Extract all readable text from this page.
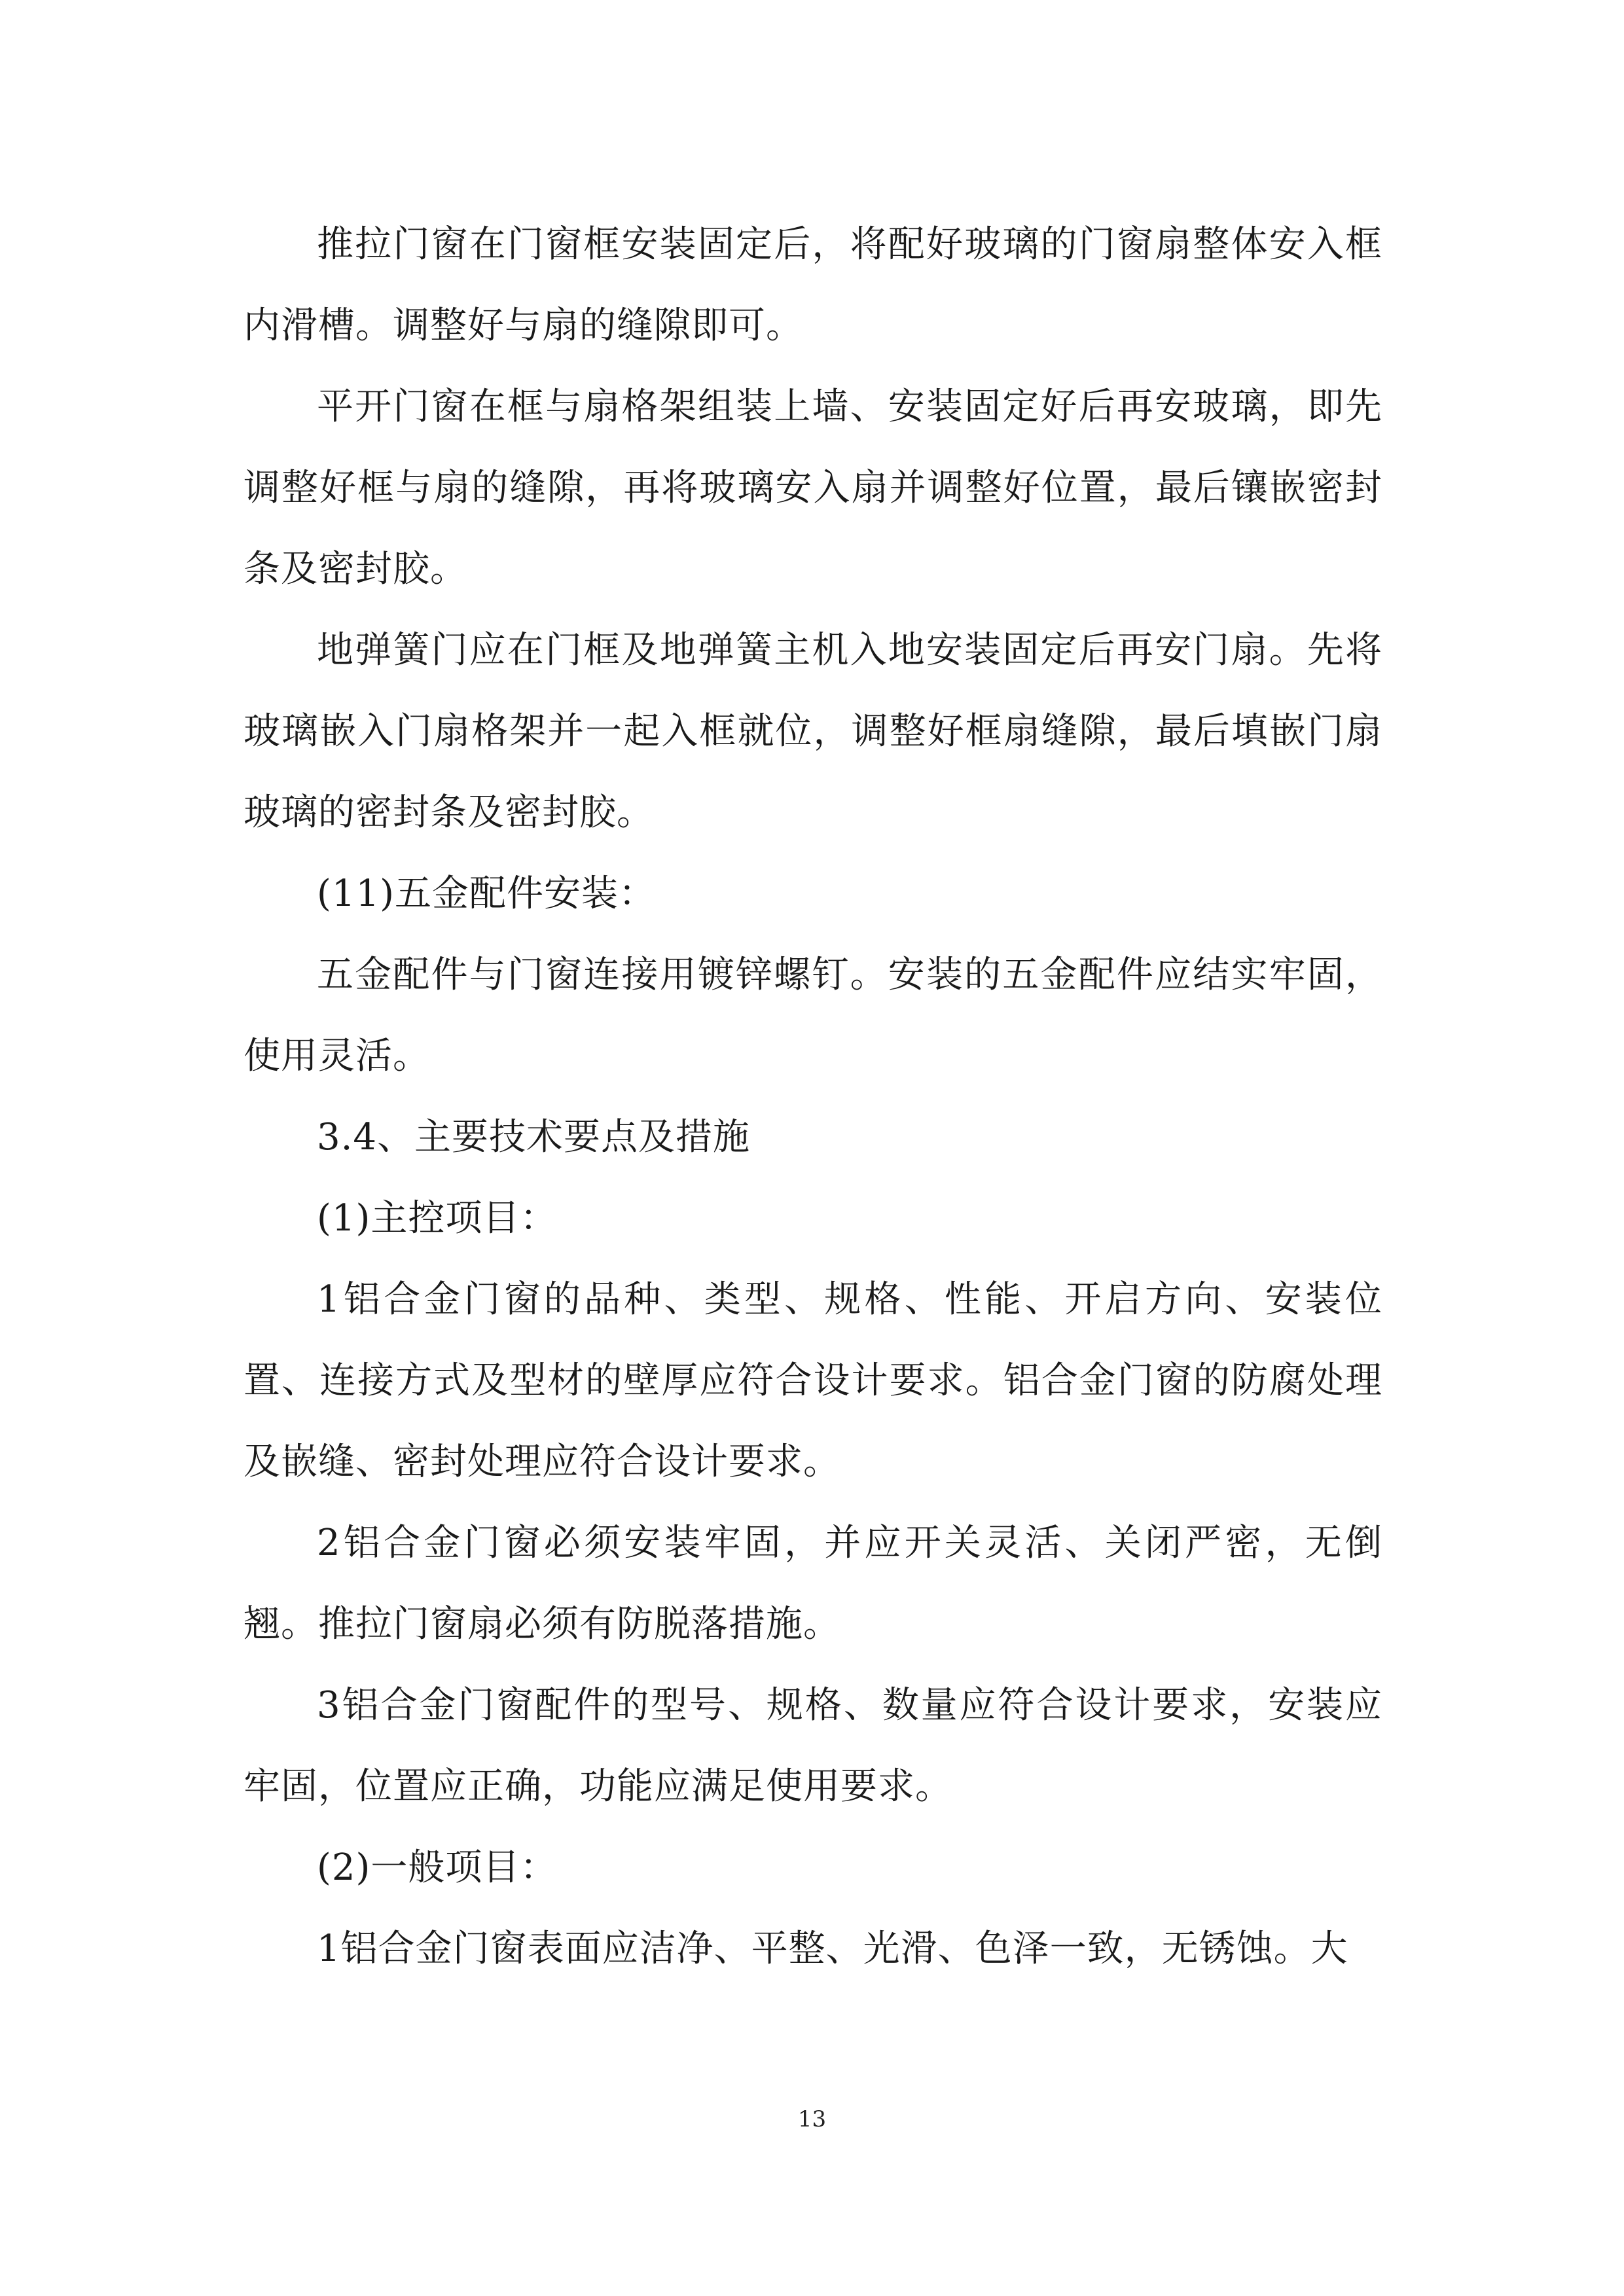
推拉门窗在门窗框安装固定后，将配好玻璃的门窗扇整体安入框内滑槽。调整好与扇的缝隙即可。

平开门窗在框与扇格架组装上墙、安装固定好后再安玻璃，即先调整好框与扇的缝隙，再将玻璃安入扇并调整好位置，最后镶嵌密封条及密封胶。

地弹簧门应在门框及地弹簧主机入地安装固定后再安门扇。先将玻璃嵌入门扇格架并一起入框就位，调整好框扇缝隙，最后填嵌门扇玻璃的密封条及密封胶。

(11)五金配件安装：

五金配件与门窗连接用镀锌螺钉。安装的五金配件应结实牢固，使用灵活。

3.4、主要技术要点及措施

(1)主控项目：

1铝合金门窗的品种、类型、规格、性能、开启方向、安装位置、连接方式及型材的壁厚应符合设计要求。铝合金门窗的防腐处理及嵌缝、密封处理应符合设计要求。

2铝合金门窗必须安装牢固，并应开关灵活、关闭严密，无倒翘。推拉门窗扇必须有防脱落措施。

3铝合金门窗配件的型号、规格、数量应符合设计要求，安装应牢固，位置应正确，功能应满足使用要求。

(2)一般项目：

1铝合金门窗表面应洁净、平整、光滑、色泽一致，无锈蚀。大

13
